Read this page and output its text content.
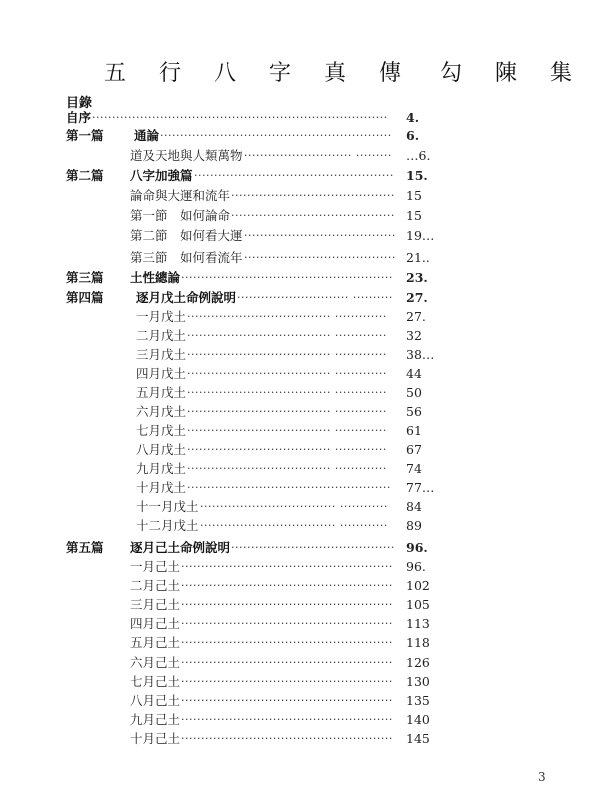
五 行 八 字 真 傳 勾 陳 集
目錄
自序	4.
··········································································
第一篇 通論	6.
··························································
道及天地與人類萬物	…6.
··························· ·········
第二篇 八字加強篇	15.
··················································
論命與大運和流年	15
·········································
第一節　如何論命	15
·········································
第二節　如何看大運	19…
······································
第三節　如何看流年	21..
······································
第三篇 土性總論	23.
·····················································
第四篇	逐月戊土命例說明	27.
···························· ··········
一月戊土	27.
···································· ·············
二月戊土	32
···································· ·············
三月戊土	38…
···································· ·············
四月戊土	44
···································· ·············
五月戊土	50
···································· ·············
六月戊土	56
···································· ·············
七月戊土	61
···································· ·············
八月戊土	67
···································· ·············
九月戊土	74
···································· ·············
十月戊土	77…
···················································
十一月戊土	84
·································· ············
十二月戊土	89
·································· ············
第五篇 逐月己土命例說明	96.
·········································
一月己土	96.
·····················································
二月己土	102
·····················································
三月己土	105
·····················································
四月己土	113
·····················································
五月己土	118
·····················································
六月己土	126
·····················································
七月己土	130
·····················································
八月己土	135
·····················································
九月己土	140
·····················································
十月己土	145
·····················································
3
